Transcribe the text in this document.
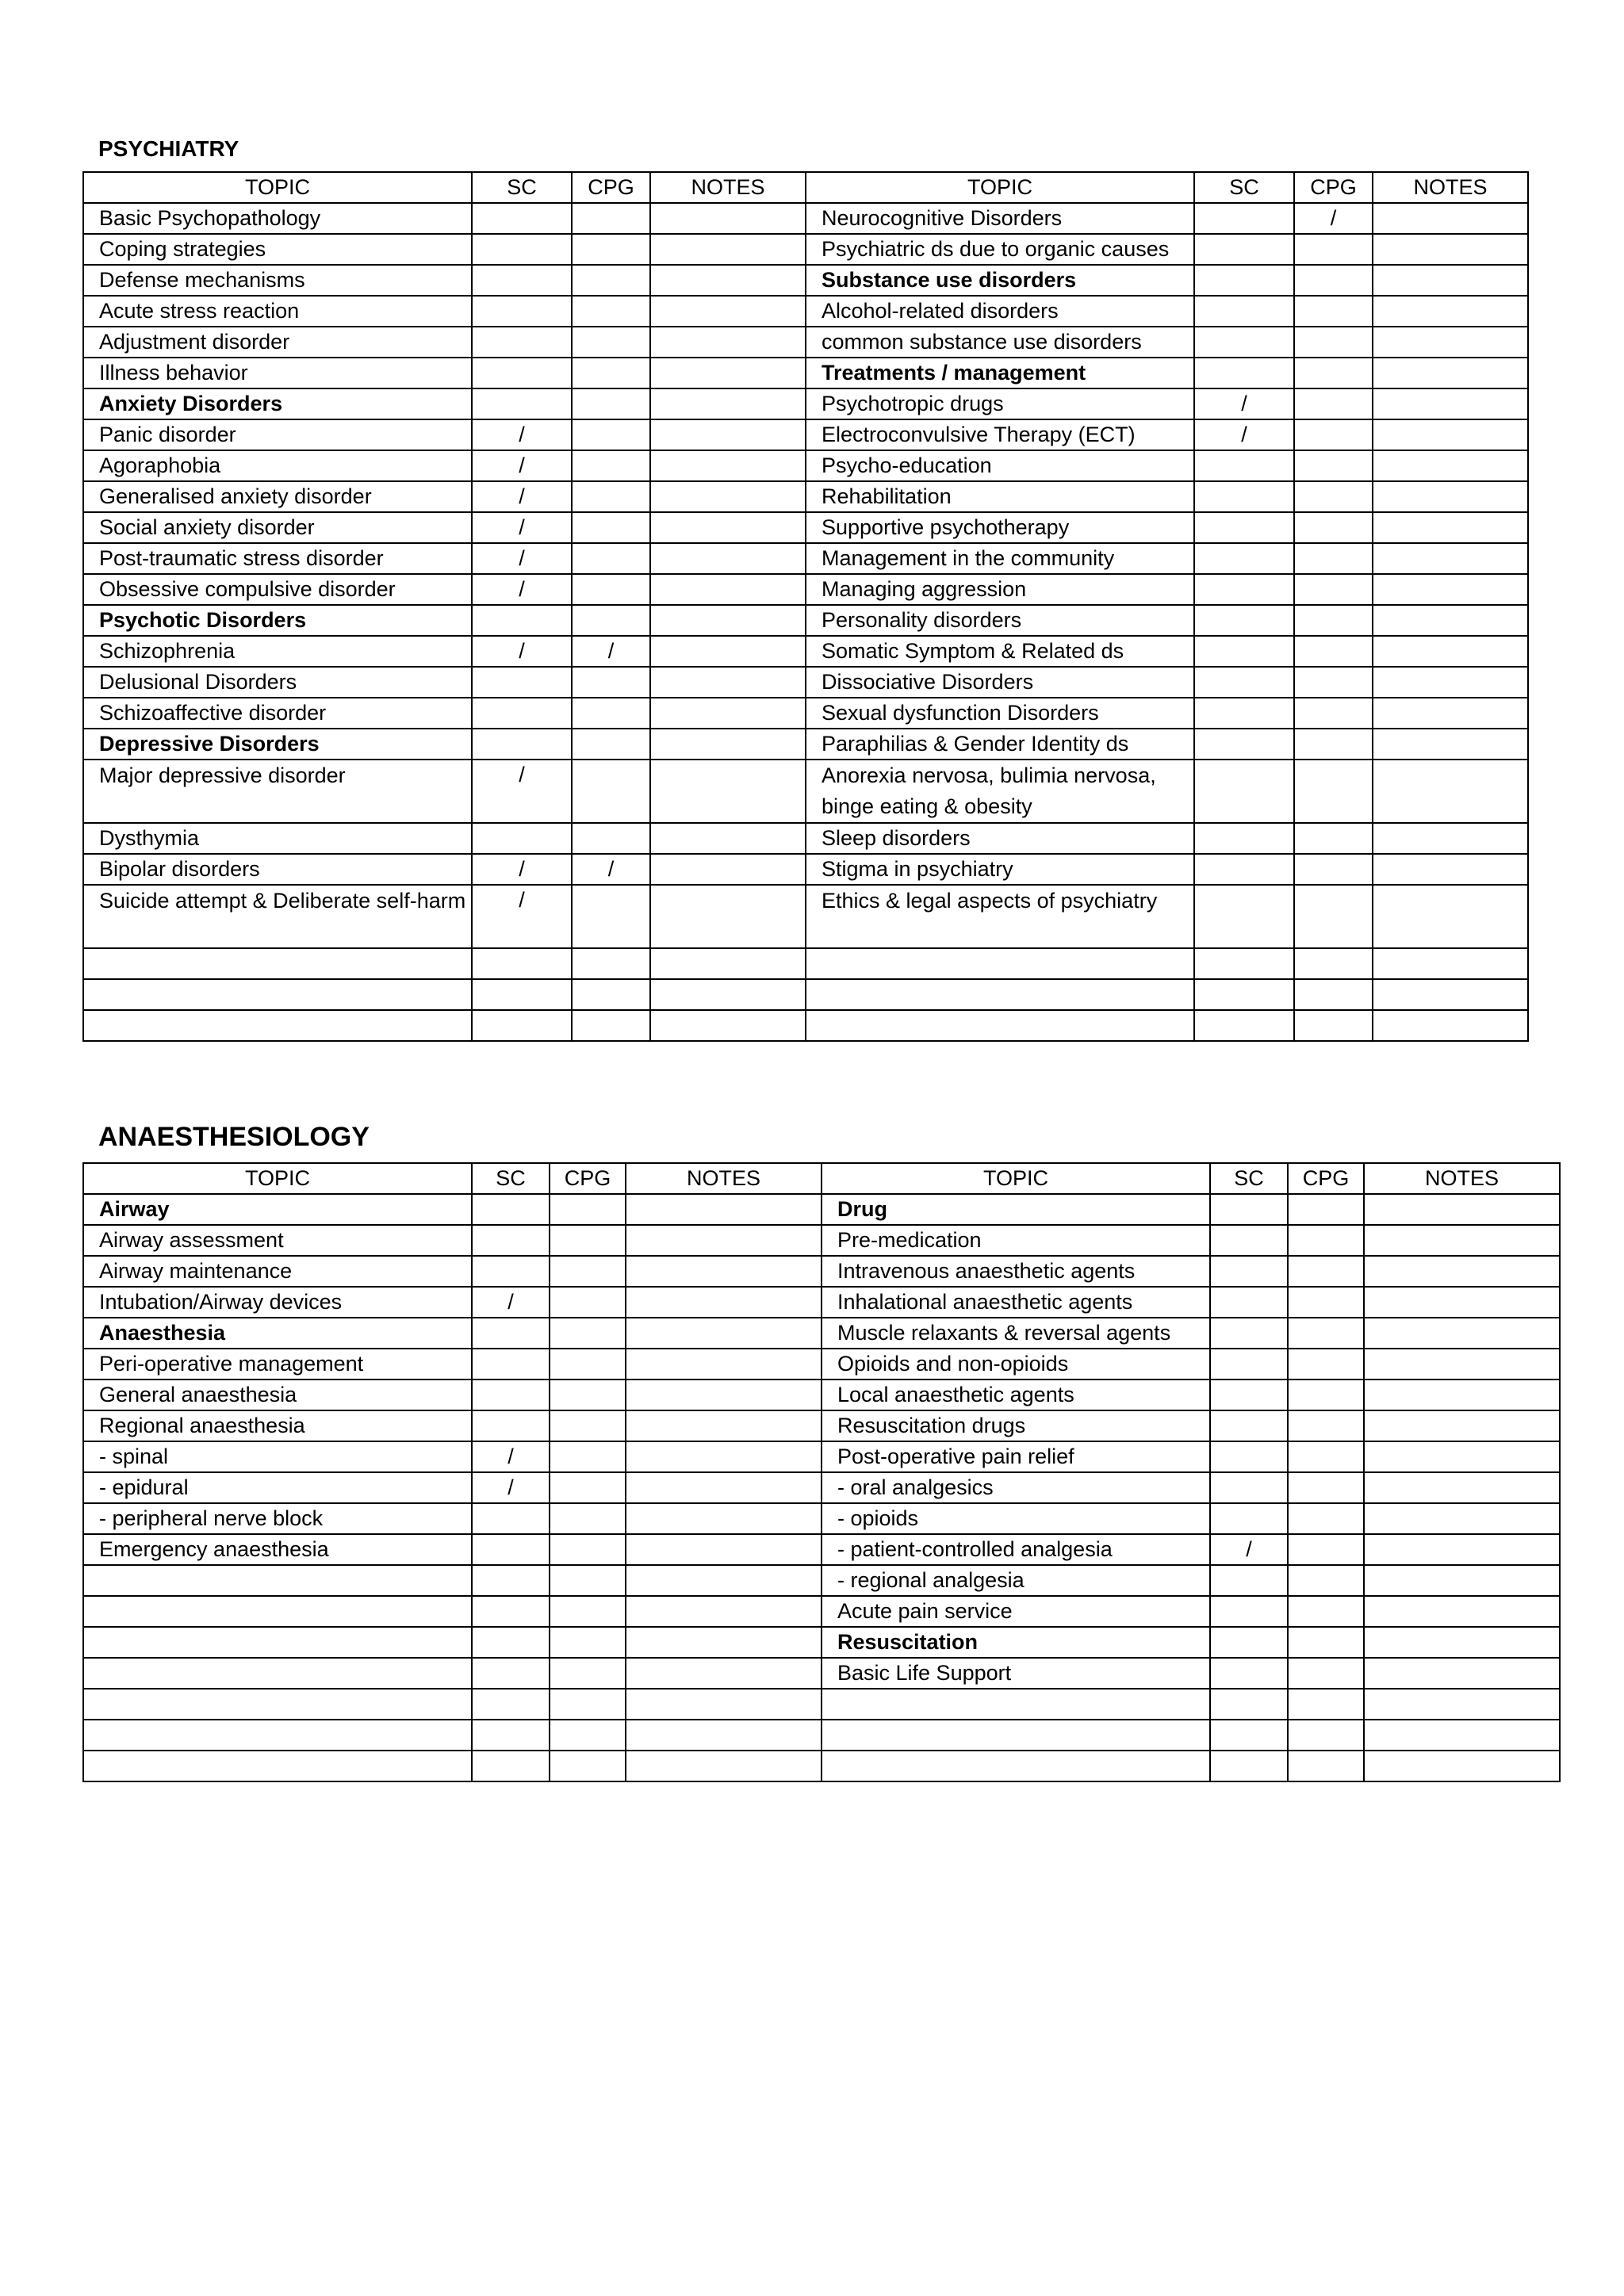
PSYCHIATRY
TOPIC	SC	CPG	NOTES	TOPIC	SC	CPG	NOTES
Basic Psychopathology				Neurocognitive Disorders		/	
Coping strategies				Psychiatric ds due to organic causes			
Defense mechanisms				Substance use disorders			
Acute stress reaction				Alcohol-related disorders			
Adjustment disorder				common substance use disorders			
Illness behavior				Treatments / management			
Anxiety Disorders				Psychotropic drugs	/		
Panic disorder	/			Electroconvulsive Therapy (ECT)	/		
Agoraphobia	/			Psycho-education			
Generalised anxiety disorder	/			Rehabilitation			
Social anxiety disorder	/			Supportive psychotherapy			
Post-traumatic stress disorder	/			Management in the community			
Obsessive compulsive disorder	/			Managing aggression			
Psychotic Disorders				Personality disorders			
Schizophrenia	/	/		Somatic Symptom & Related ds			
Delusional Disorders				Dissociative Disorders			
Schizoaffective disorder				Sexual dysfunction Disorders			
Depressive Disorders				Paraphilias & Gender Identity ds			
Major depressive disorder	/			Anorexia nervosa, bulimia nervosa, binge eating & obesity			
Dysthymia				Sleep disorders			
Bipolar disorders	/	/		Stigma in psychiatry			
Suicide attempt & Deliberate self-harm	/			Ethics & legal aspects of psychiatry			

ANAESTHESIOLOGY
TOPIC	SC	CPG	NOTES	TOPIC	SC	CPG	NOTES
Airway				Drug			
Airway assessment				Pre-medication			
Airway maintenance				Intravenous anaesthetic agents			
Intubation/Airway devices	/			Inhalational anaesthetic agents			
Anaesthesia				Muscle relaxants & reversal agents			
Peri-operative management				Opioids and non-opioids			
General anaesthesia				Local anaesthetic agents			
Regional anaesthesia				Resuscitation drugs			
- spinal	/			Post-operative pain relief			
- epidural	/			- oral analgesics			
- peripheral nerve block				- opioids			
Emergency anaesthesia				- patient-controlled analgesia	/		
				- regional analgesia			
				Acute pain service			
				Resuscitation			
				Basic Life Support			
